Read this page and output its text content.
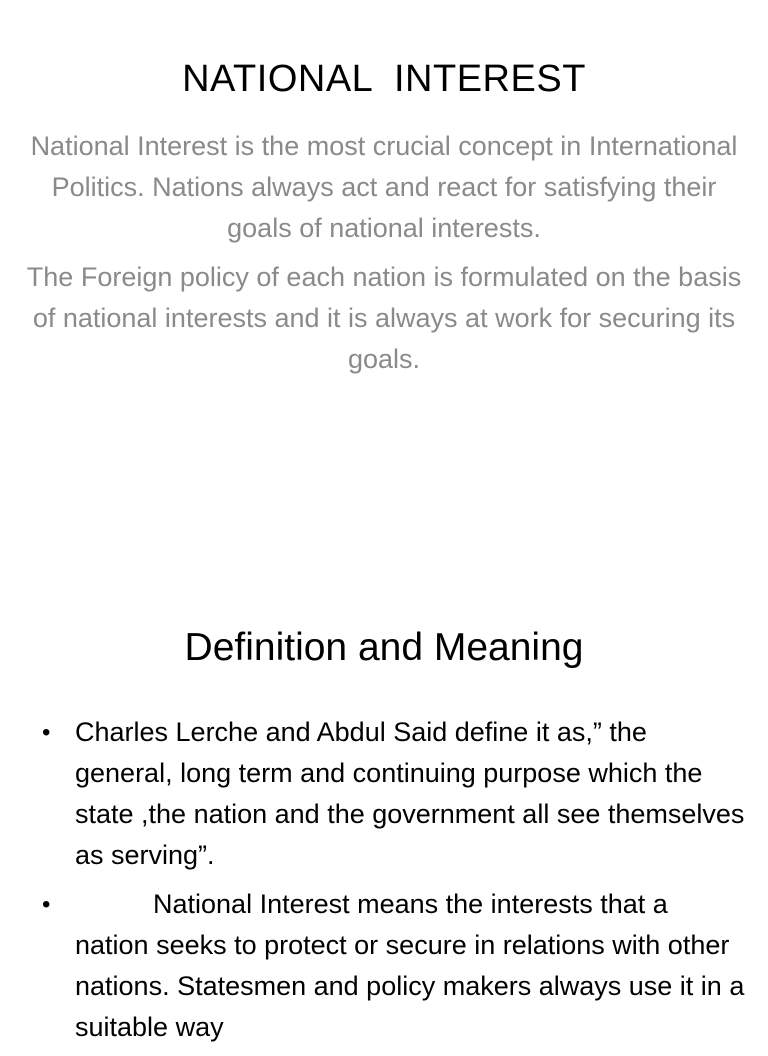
NATIONAL  INTEREST

National Interest is the most crucial concept in International Politics. Nations always act and react for satisfying their goals of national interests.

The Foreign policy of each nation is formulated on the basis of national interests and it is always at work for securing its goals.

Definition and Meaning
• Charles Lerche and Abdul Said define it as,” the general, long term and continuing purpose which the state ,the nation and the government all see themselves as serving”.
•	National Interest means the interests that a nation seeks to protect or secure in relations with other nations. Statesmen and policy makers always use it in a suitable way
